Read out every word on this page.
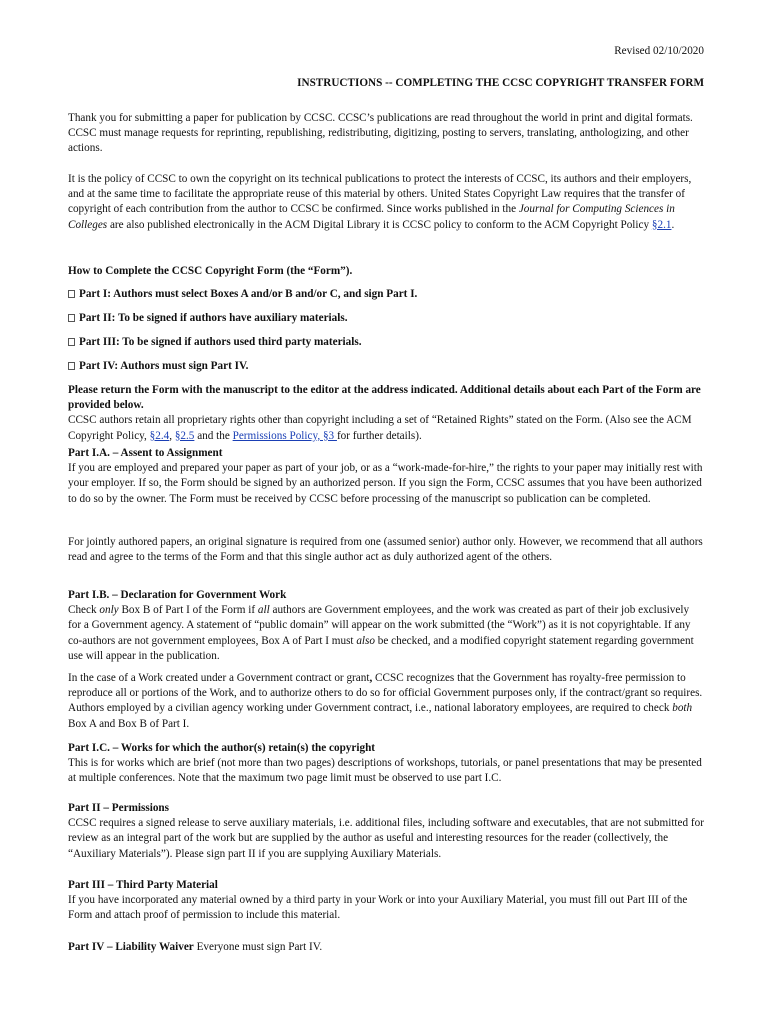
Revised 02/10/2020
INSTRUCTIONS -- COMPLETING THE CCSC COPYRIGHT TRANSFER FORM

Thank you for submitting a paper for publication by CCSC. CCSC’s publications are read throughout the world in print and digital formats. CCSC must manage requests for reprinting, republishing, redistributing, digitizing, posting to servers, translating, anthologizing, and other actions.

It is the policy of CCSC to own the copyright on its technical publications to protect the interests of CCSC, its authors and their employers, and at the same time to facilitate the appropriate reuse of this material by others. United States Copyright Law requires that the transfer of copyright of each contribution from the author to CCSC be confirmed. Since works published in the Journal for Computing Sciences in Colleges are also published electronically in the ACM Digital Library it is CCSC policy to conform to the ACM Copyright Policy §2.1.

How to Complete the CCSC Copyright Form (the “Form”).
Part I: Authors must select Boxes A and/or B and/or C, and sign Part I.
Part II: To be signed if authors have auxiliary materials.
Part III: To be signed if authors used third party materials.
Part IV: Authors must sign Part IV.
Please return the Form with the manuscript to the editor at the address indicated. Additional details about each Part of the Form are provided below.
CCSC authors retain all proprietary rights other than copyright including a set of “Retained Rights” stated on the Form. (Also see the ACM Copyright Policy, §2.4, §2.5 and the Permissions Policy, §3 for further details).
Part I.A. – Assent to Assignment
If you are employed and prepared your paper as part of your job, or as a “work-made-for-hire,” the rights to your paper may initially rest with your employer. If so, the Form should be signed by an authorized person. If you sign the Form, CCSC assumes that you have been authorized to do so by the owner. The Form must be received by CCSC before processing of the manuscript so publication can be completed.

For jointly authored papers, an original signature is required from one (assumed senior) author only. However, we recommend that all authors read and agree to the terms of the Form and that this single author act as duly authorized agent of the others.

Part I.B. – Declaration for Government Work
Check only Box B of Part I of the Form if all authors are Government employees, and the work was created as part of their job exclusively for a Government agency. A statement of “public domain” will appear on the work submitted (the “Work”) as it is not copyrightable. If any co-authors are not government employees, Box A of Part I must also be checked, and a modified copyright statement regarding government use will appear in the publication.

In the case of a Work created under a Government contract or grant, CCSC recognizes that the Government has royalty-free permission to reproduce all or portions of the Work, and to authorize others to do so for official Government purposes only, if the contract/grant so requires. Authors employed by a civilian agency working under Government contract, i.e., national laboratory employees, are required to check both Box A and Box B of Part I.

Part I.C. – Works for which the author(s) retain(s) the copyright
This is for works which are brief (not more than two pages) descriptions of workshops, tutorials, or panel presentations that may be presented at multiple conferences. Note that the maximum two page limit must be observed to use part I.C.
Part II – Permissions
CCSC requires a signed release to serve auxiliary materials, i.e. additional files, including software and executables, that are not submitted for review as an integral part of the work but are supplied by the author as useful and interesting resources for the reader (collectively, the “Auxiliary Materials”). Please sign part II if you are supplying Auxiliary Materials.
Part III – Third Party Material
If you have incorporated any material owned by a third party in your Work or into your Auxiliary Material, you must fill out Part III of the Form and attach proof of permission to include this material.
Part IV – Liability Waiver Everyone must sign Part IV.
